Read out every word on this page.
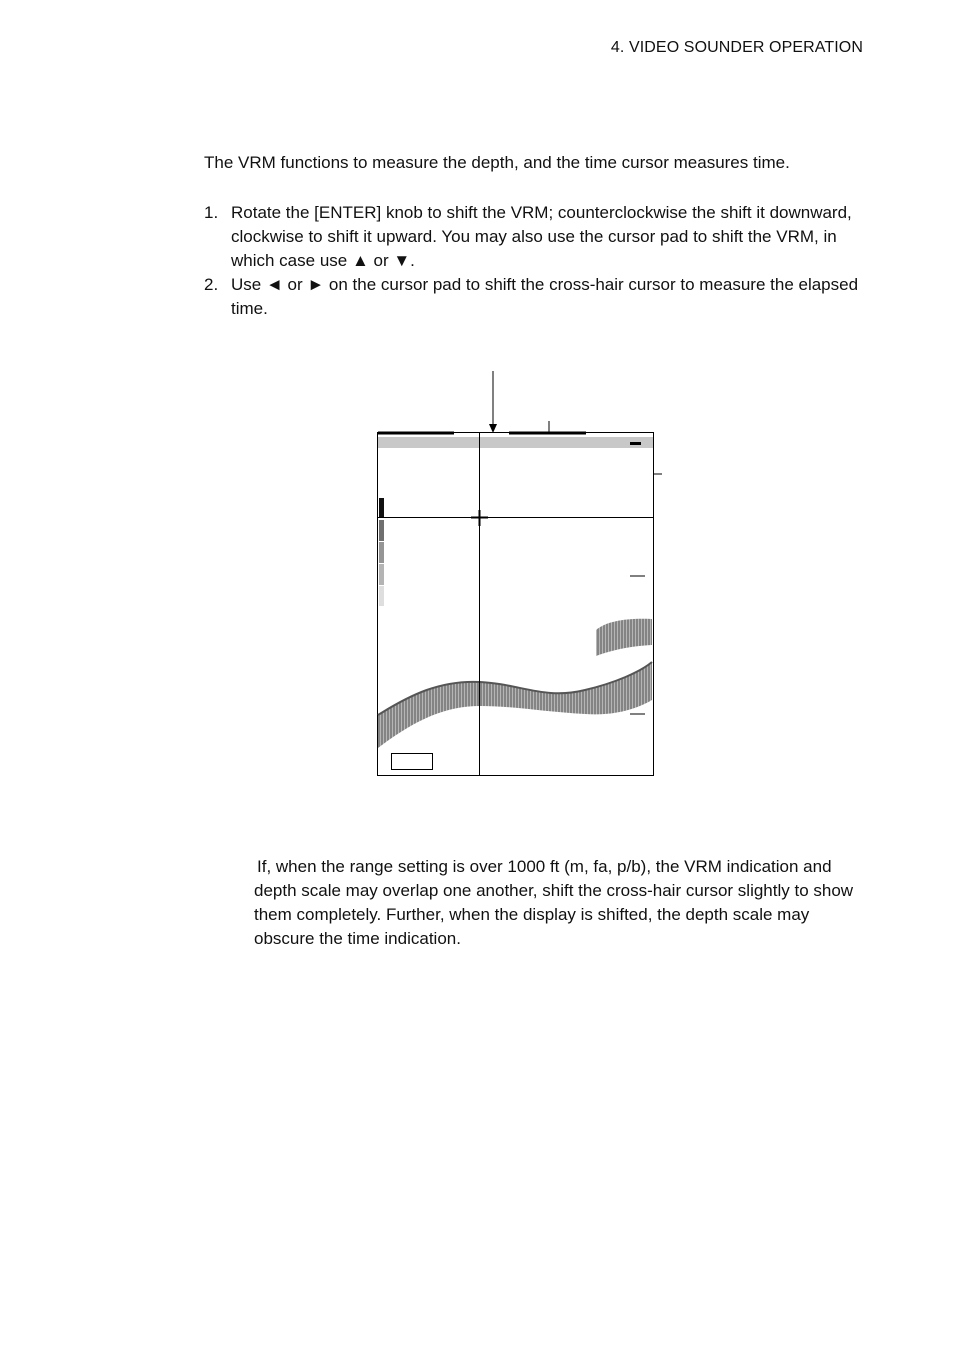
4. VIDEO SOUNDER OPERATION
The VRM functions to measure the depth, and the time cursor measures time.
1. Rotate the [ENTER] knob to shift the VRM; counterclockwise the shift it downward, clockwise to shift it upward. You may also use the cursor pad to shift the VRM, in which case use ▲ or ▼.
2. Use ◄ or ► on the cursor pad to shift the cross-hair cursor to measure the elapsed time.
If, when the range setting is over 1000 ft (m, fa, p/b), the VRM indication and depth scale may overlap one another, shift the cross-hair cursor slightly to show them completely. Further, when the display is shifted, the depth scale may obscure the time indication.
